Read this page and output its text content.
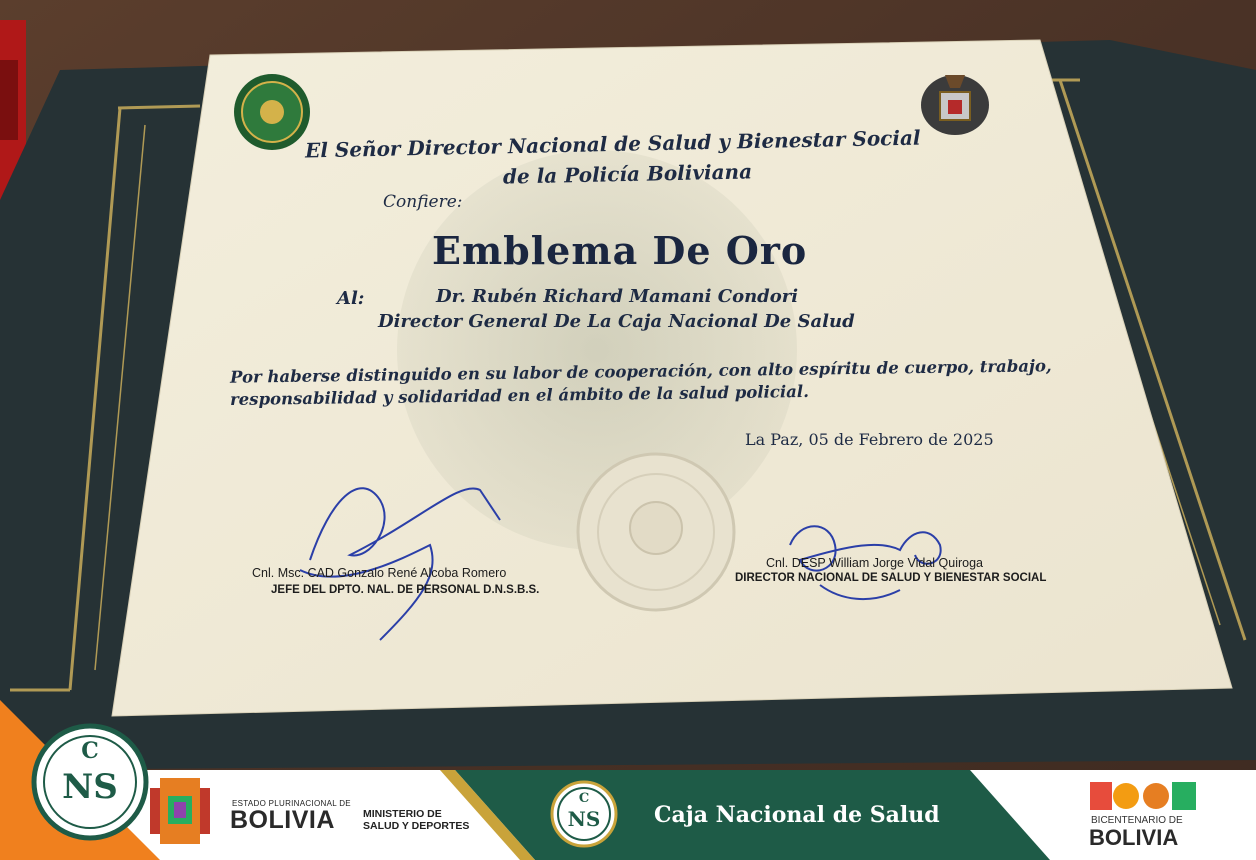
NS
C
NS
C
El Señor Director Nacional de Salud y Bienestar Social
de la Policía Boliviana
Confiere:
Emblema De Oro
Al:	Dr. Rubén Richard Mamani Condori
Director General De La Caja Nacional De Salud
Por haberse distinguido en su labor de cooperación, con alto espíritu de cuerpo, trabajo,
responsabilidad y solidaridad en el ámbito de la salud policial.
La Paz, 05 de Febrero de 2025
Cnl. Msc. CAD Gonzalo René Alcoba Romero
JEFE DEL DPTO. NAL. DE PERSONAL D.N.S.B.S.
Cnl. DESP William Jorge Vidal Quiroga
DIRECTOR NACIONAL DE SALUD Y BIENESTAR SOCIAL
ESTADO PLURINACIONAL DE
BOLIVIA	MINISTERIO DE
SALUD Y DEPORTES	Caja Nacional de Salud	BICENTENARIO DE
BOLIVIA
